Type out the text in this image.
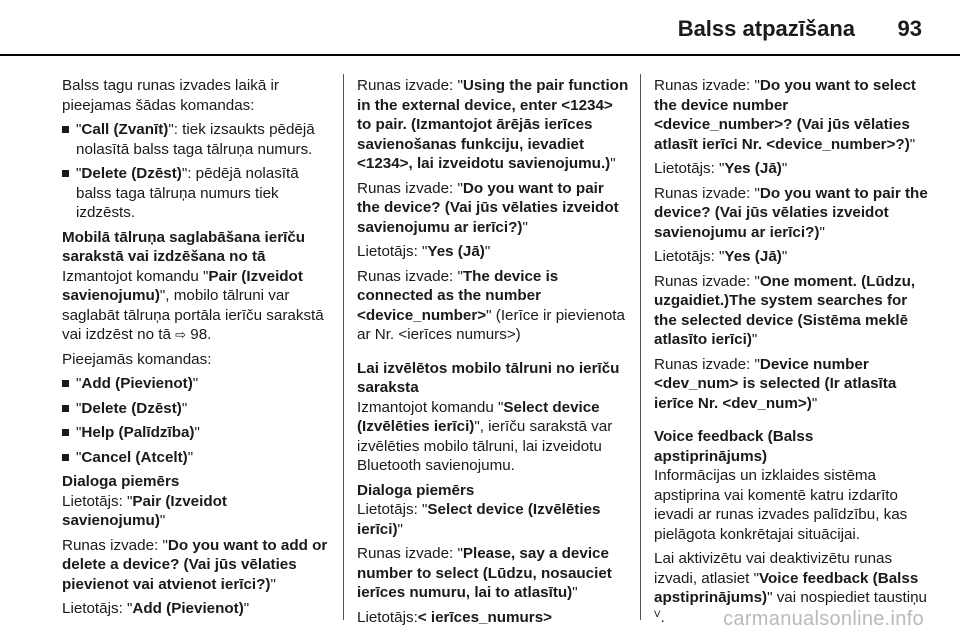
Balss atpazīšana 93

Balss tagu runas izvades laikā ir pieejamas šādas komandas:

"Call (Zvanīt)": tiek izsaukts pēdējā nolasītā balss taga tālruņa numurs.
"Delete (Dzēst)": pēdējā nolasītā balss taga tālruņa numurs tiek izdzēsts.

Mobilā tālruņa saglabāšana ierīču sarakstā vai izdzēšana no tā

Izmantojot komandu "Pair (Izveidot savienojumu)", mobilo tālruni var saglabāt tālruņa portāla ierīču sarakstā vai izdzēst no tā ⇨ 98.

Pieejamās komandas:

"Add (Pievienot)"
"Delete (Dzēst)"
"Help (Palīdzība)"
"Cancel (Atcelt)"

Dialoga piemērs

Lietotājs: "Pair (Izveidot savienojumu)"

Runas izvade: "Do you want to add or delete a device? (Vai jūs vēlaties pievienot vai atvienot ierīci?)"

Lietotājs: "Add (Pievienot)"

Runas izvade: "Using the pair function in the external device, enter <1234> to pair. (Izmantojot ārējās ierīces savienošanas funkciju, ievadiet <1234>, lai izveidotu savienojumu.)"

Runas izvade: "Do you want to pair the device? (Vai jūs vēlaties izveidot savienojumu ar ierīci?)"

Lietotājs: "Yes (Jā)"

Runas izvade: "The device is connected as the number <device_number>" (Ierīce ir pievienota ar Nr. <ierīces numurs>)

Lai izvēlētos mobilo tālruni no ierīču saraksta

Izmantojot komandu "Select device (Izvēlēties ierīci)", ierīču sarakstā var izvēlēties mobilo tālruni, lai izveidotu Bluetooth savienojumu.

Dialoga piemērs

Lietotājs: "Select device (Izvēlēties ierīci)"

Runas izvade: "Please, say a device number to select (Lūdzu, nosauciet ierīces numuru, lai to atlasītu)"

Lietotājs:< ierīces_numurs>

Runas izvade: "Do you want to select the device number <device_number>? (Vai jūs vēlaties atlasīt ierīci Nr. <device_number>?)"

Lietotājs: "Yes (Jā)"

Runas izvade: "Do you want to pair the device? (Vai jūs vēlaties izveidot savienojumu ar ierīci?)"

Lietotājs: "Yes (Jā)"

Runas izvade: "One moment. (Lūdzu, uzgaidiet.)The system searches for the selected device (Sistēma meklē atlasīto ierīci)"

Runas izvade: "Device number <dev_num> is selected (Ir atlasīta ierīce Nr. <dev_num>)"

Voice feedback (Balss apstiprinājums)

Informācijas un izklaides sistēma apstiprina vai komentē katru izdarīto ievadi ar runas izvades palīdzību, kas pielāgota konkrētajai situācijai.

Lai aktivizētu vai deaktivizētu runas izvadi, atlasiet "Voice feedback (Balss apstiprinājums)" vai nospiediet taustiņu ⱽ.	carmanualsonline.info
